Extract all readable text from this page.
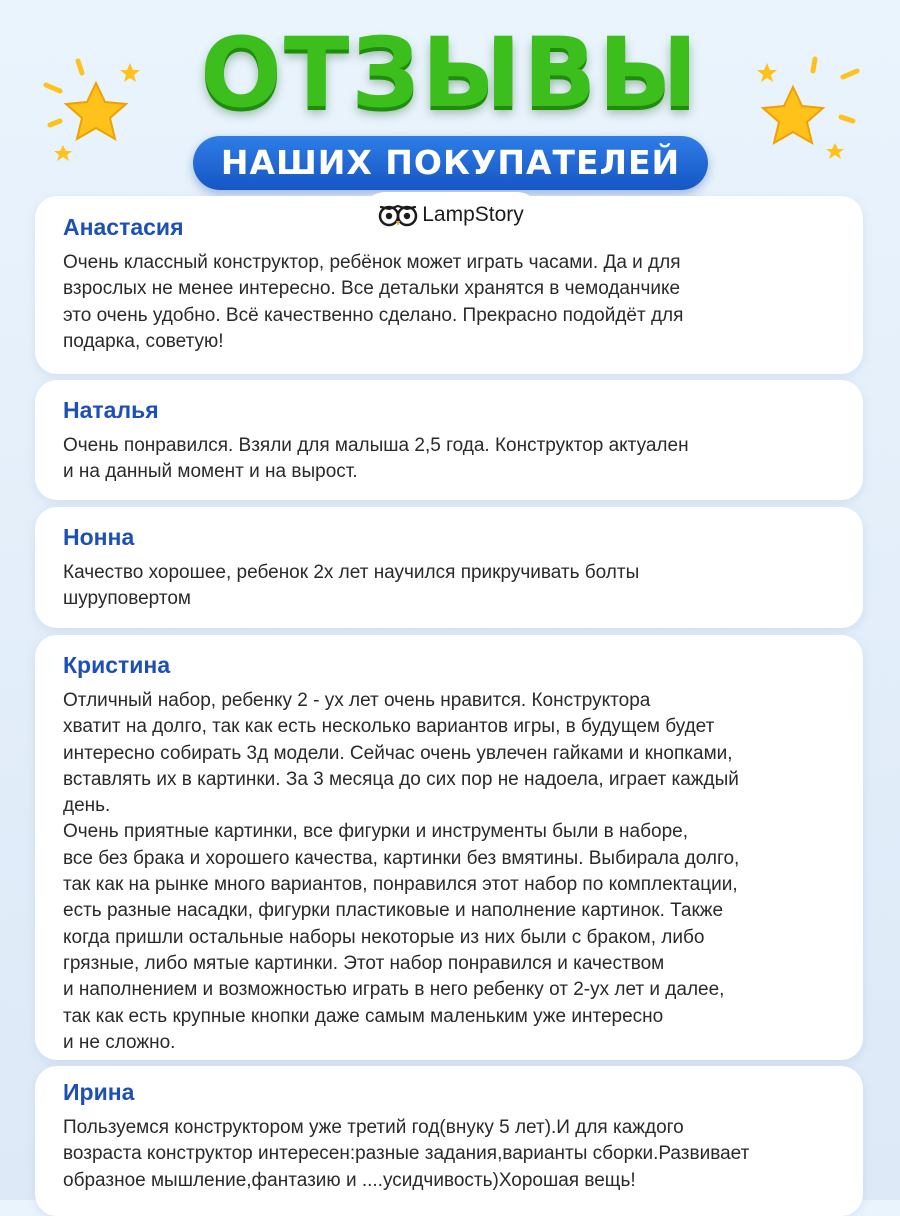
ОТЗЫВЫ
НАШИХ ПОКУПАТЕЛЕЙ
LampStory
Анастасия
Очень классный конструктор, ребёнок может играть часами. Да и для
взрослых не менее интересно. Все детальки хранятся в чемоданчике
это очень удобно. Всё качественно сделано. Прекрасно подойдёт для
подарка, советую!
Наталья
Очень понравился. Взяли для малыша 2,5 года. Конструктор актуален
и на данный момент и на вырост.
Нонна
Качество хорошее, ребенок 2х лет научился прикручивать болты
шуруповертом
Кристина
Отличный набор, ребенку 2 - ух лет очень нравится. Конструктора
хватит на долго, так как есть несколько вариантов игры, в будущем будет
интересно собирать 3д модели. Сейчас очень увлечен гайками и кнопками,
вставлять их в картинки. За 3 месяца до сих пор не надоела, играет каждый
день.
Очень приятные картинки, все фигурки и инструменты были в наборе,
все без брака и хорошего качества, картинки без вмятины. Выбирала долго,
так как на рынке много вариантов, понравился этот набор по комплектации,
есть разные насадки, фигурки пластиковые и наполнение картинок. Также
когда пришли остальные наборы некоторые из них были с браком, либо
грязные, либо мятые картинки. Этот набор понравился и качеством
и наполнением и возможностью играть в него ребенку от 2-ух лет и далее,
так как есть крупные кнопки даже самым маленьким уже интересно
и не сложно.
Ирина
Пользуемся конструктором уже третий год(внуку 5 лет).И для каждого
возраста конструктор интересен:разные задания,варианты сборки.Развивает
образное мышление,фантазию и ....усидчивость)Хорошая вещь!
